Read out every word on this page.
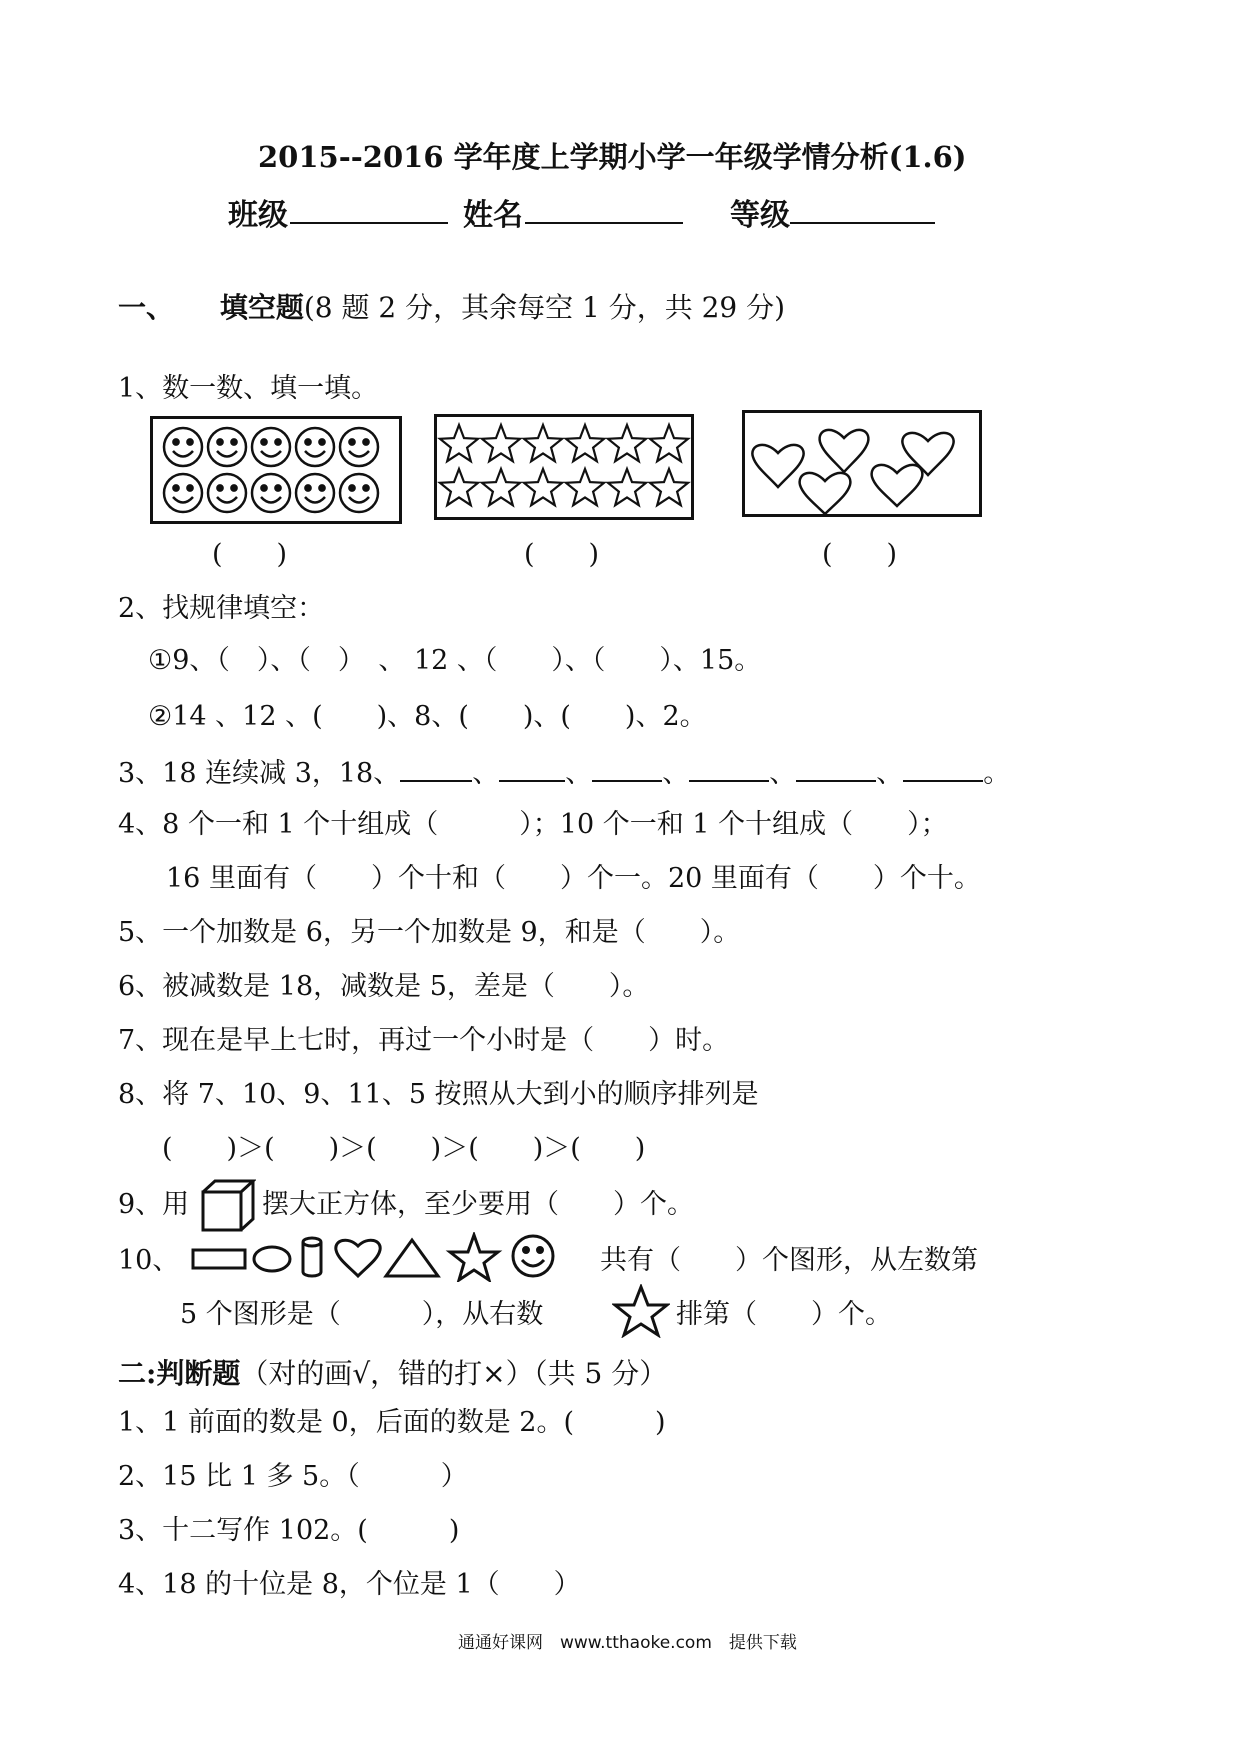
2015--2016 学年度上学期小学一年级学情分析(1.6)
班级	姓名	等级
一、 填空题(8 题 2 分，其余每空 1 分，共 29 分)
1、数一数、填一填。
(　　)	(　　)	(　　)
2、找规律填空：
①9、（　）、（　）　、 12 、（　　）、（　　）、15。
②14 、12 、(　　)、8、(　　)、(　　)、2。
3、18 连续减 3，18、	、 、	、	、	、	。
4、8 个一和 1 个十组成（　　　）；10 个一和 1 个十组成（　　）；
16 里面有（　　）个十和（　　）个一。20 里面有（　　）个十。
5、一个加数是 6，另一个加数是 9，和是（　　）。
6、被减数是 18，减数是 5，差是（　　）。
7、现在是早上七时，再过一个小时是（　　）时。
8、将 7、10、9、11、5 按照从大到小的顺序排列是
(　　)＞(　　)＞(　　)＞(　　)＞(　　)
9、用	摆大正方体，至少要用（　　）个。
10、	共有（　　）个图形，从左数第
5 个图形是（　　　），从右数	排第（　　）个。
二:判断题（对的画√，错的打×）（共 5 分）
1、1 前面的数是 0，后面的数是 2。(　　　)
2、15 比 1 多 5。（　　　）
3、十二写作 102。(　　　)
4、18 的十位是 8，个位是 1（　　）
通通好课网　www.tthaoke.com　提供下载
